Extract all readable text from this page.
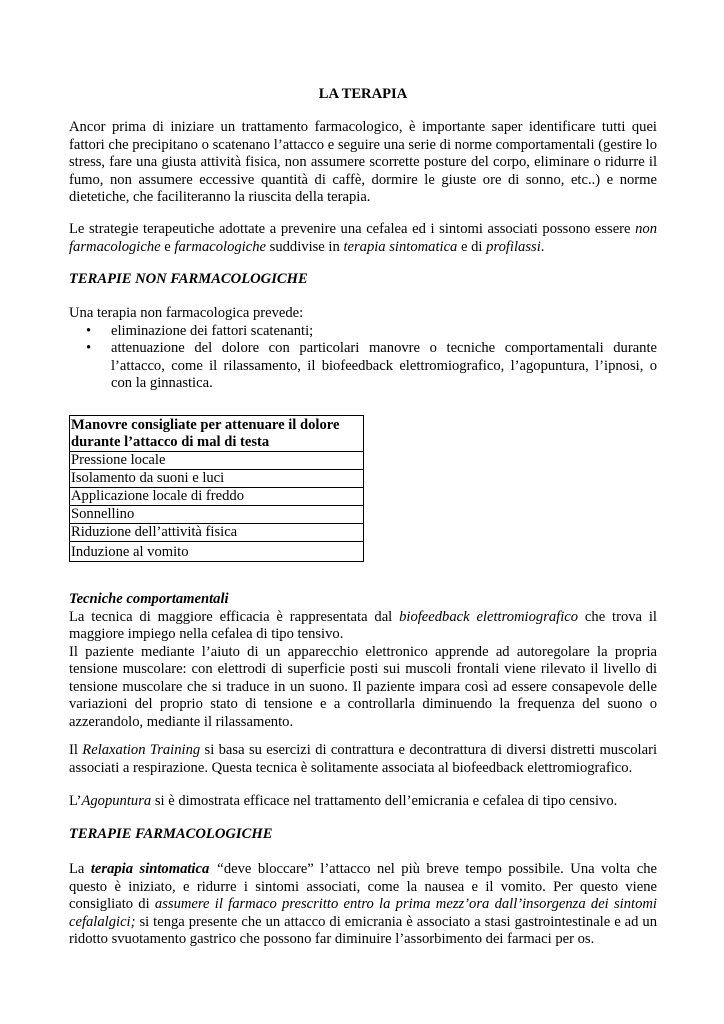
LA TERAPIA

Ancor prima di iniziare un trattamento farmacologico, è importante saper identificare tutti quei fattori che precipitano o scatenano l’attacco e seguire una serie di norme comportamentali (gestire lo stress, fare una giusta attività fisica, non assumere scorrette posture del corpo, eliminare o ridurre il fumo, non assumere eccessive quantità di caffè, dormire le giuste ore di sonno, etc..) e norme dietetiche, che faciliteranno la riuscita della terapia.

Le strategie terapeutiche adottate a prevenire una cefalea ed i sintomi associati possono essere non farmacologiche e farmacologiche suddivise in terapia sintomatica e di profilassi.

TERAPIE NON FARMACOLOGICHE

Una terapia non farmacologica prevede:

• eliminazione dei fattori scatenanti;
• attenuazione del dolore con particolari manovre o tecniche comportamentali durante l’attacco, come il rilassamento, il biofeedback elettromiografico, l’agopuntura, l’ipnosi, o con la ginnastica.
Manovre consigliate per attenuare il dolore durante l’attacco di mal di testa
Pressione locale
Isolamento da suoni e luci
Applicazione locale di freddo
Sonnellino
Riduzione dell’attività fisica
Induzione al vomito
Tecniche comportamentali

La tecnica di maggiore efficacia è rappresentata dal biofeedback elettromiografico che trova il maggiore impiego nella cefalea di tipo tensivo.

Il paziente mediante l’aiuto di un apparecchio elettronico apprende ad autoregolare la propria tensione muscolare: con elettrodi di superficie posti sui muscoli frontali viene rilevato il livello di tensione muscolare che si traduce in un suono. Il paziente impara così ad essere consapevole delle variazioni del proprio stato di tensione e a controllarla diminuendo la frequenza del suono o azzerandolo, mediante il rilassamento.

Il Relaxation Training si basa su esercizi di contrattura e decontrattura di diversi distretti muscolari associati a respirazione. Questa tecnica è solitamente associata al biofeedback elettromiografico.

L’Agopuntura si è dimostrata efficace nel trattamento dell’emicrania e cefalea di tipo censivo.

TERAPIE FARMACOLOGICHE

La terapia sintomatica “deve bloccare” l’attacco nel più breve tempo possibile. Una volta che questo è iniziato, e ridurre i sintomi associati, come la nausea e il vomito. Per questo viene consigliato di assumere il farmaco prescritto entro la prima mezz’ora dall’insorgenza dei sintomi cefalalgici; si tenga presente che un attacco di emicrania è associato a stasi gastrointestinale e ad un ridotto svuotamento gastrico che possono far diminuire l’assorbimento dei farmaci per os.
